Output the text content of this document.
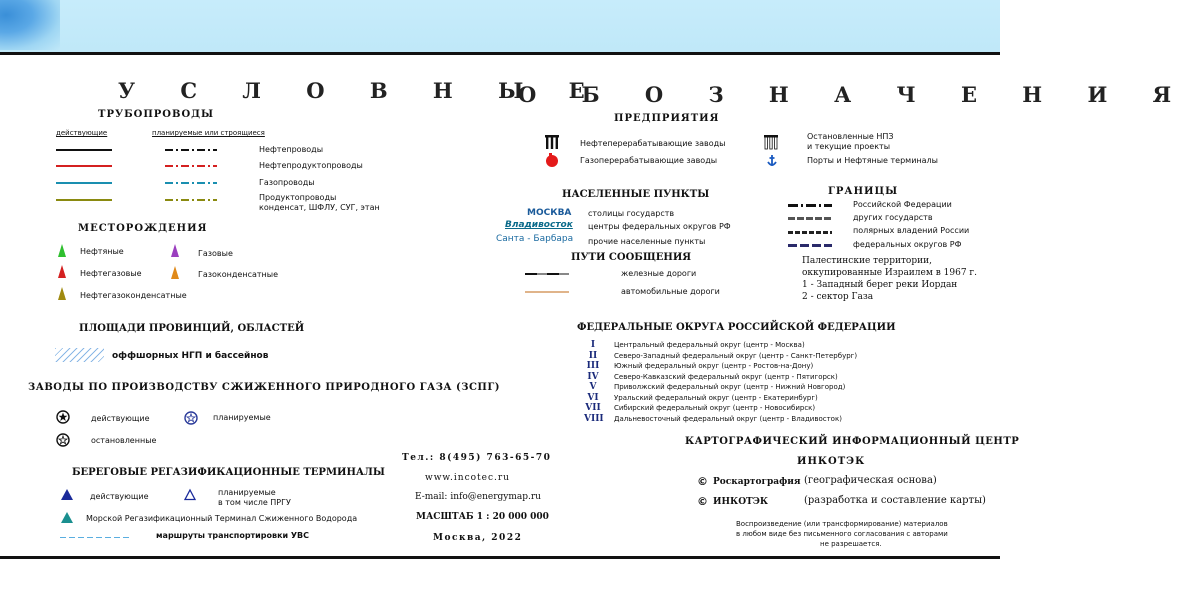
У С Л О В Н Ы Е
О Б О З Н А Ч Е Н И Я
ТРУБОПРОВОДЫ
действующие	планируемые или строящиеся
Нефтепроводы
Нефтепродуктопроводы
Газопроводы
Продуктопроводы
конденсат, ШФЛУ, СУГ, этан
МЕСТОРОЖДЕНИЯ
Нефтяные	Газовые
Нефтегазовые	Газоконденсатные
Нефтегазоконденсатные
ПЛОЩАДИ ПРОВИНЦИЙ, ОБЛАСТЕЙ
оффшорных НГП и бассейнов
ЗАВОДЫ ПО ПРОИЗВОДСТВУ СЖИЖЕННОГО ПРИРОДНОГО ГАЗА (ЗСПГ)
действующие	планируемые
остановленные
БЕРЕГОВЫЕ РЕГАЗИФИКАЦИОННЫЕ ТЕРМИНАЛЫ
действующие	планируемые
в том числе ПРГУ
Морской Регазификационный Терминал Сжиженного Водорода
маршруты транспортировки УВС
Тел.: 8(495) 763-65-70
www.incotec.ru
E-mail: info@energymap.ru
МАСШТАБ 1 : 20 000 000
Москва, 2022
ПРЕДПРИЯТИЯ
Нефтеперерабатывающие заводы
Газоперерабатывающие заводы
Остановленные НПЗ
и текущие проекты
Порты и Нефтяные терминалы
НАСЕЛЕННЫЕ ПУНКТЫ
МОСКВА столицы государств
Владивосток центры федеральных округов РФ
Санта - Барбара прочие населенные пункты
ГРАНИЦЫ
Российской Федерации
других государств
полярных владений России
федеральных округов РФ
ПУТИ СООБЩЕНИЯ
железные дороги
автомобильные дороги
Палестинские территории,
оккупированные Израилем в 1967 г.
1 - Западный берег реки Иордан
2 - сектор Газа
ФЕДЕРАЛЬНЫЕ ОКРУГА РОССИЙСКОЙ ФЕДЕРАЦИИ
I	Центральный федеральный округ (центр - Москва)
II	Северо-Западный федеральный округ (центр - Санкт-Петербург)
III	Южный федеральный округ (центр - Ростов-на-Дону)
IV	Северо-Кавказский федеральный округ (центр - Пятигорск)
V	Приволжский федеральный округ (центр - Нижний Новгород)
VI	Уральский федеральный округ (центр - Екатеринбург)
VII Сибирский федеральный округ (центр - Новосибирск)
VIII Дальневосточный федеральный округ (центр - Владивосток)
КАРТОГРАФИЧЕСКИЙ ИНФОРМАЦИОННЫЙ ЦЕНТР
ИНКОТЭК
© Роскартография (географическая основа)
© ИНКОТЭК	(разработка и составление карты)
Воспроизведение (или трансформирование) материалов
в любом виде без письменного согласования с авторами
не разрешается.
